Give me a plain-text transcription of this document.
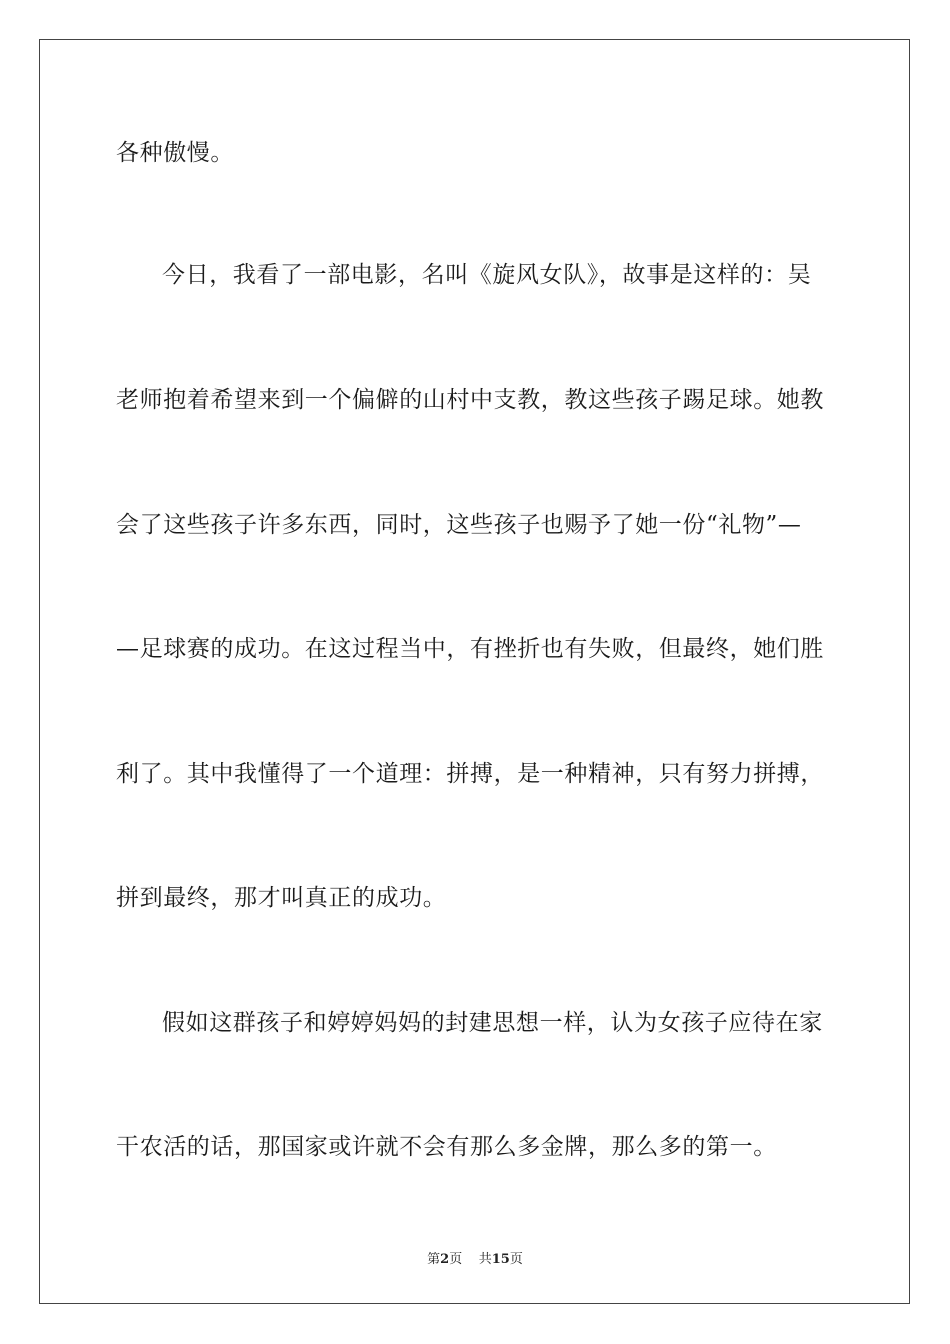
各种傲慢。
今日，我看了一部电影，名叫《旋风女队》，故事是这样的：吴
老师抱着希望来到一个偏僻的山村中支教，教这些孩子踢足球。她教
会了这些孩子许多东西，同时，这些孩子也赐予了她一份“礼物”—
—足球赛的成功。在这过程当中，有挫折也有失败，但最终，她们胜
利了。其中我懂得了一个道理：拼搏，是一种精神，只有努力拼搏，
拼到最终，那才叫真正的成功。
假如这群孩子和婷婷妈妈的封建思想一样，认为女孩子应待在家
干农活的话，那国家或许就不会有那么多金牌，那么多的第一。
第2页 共15页
